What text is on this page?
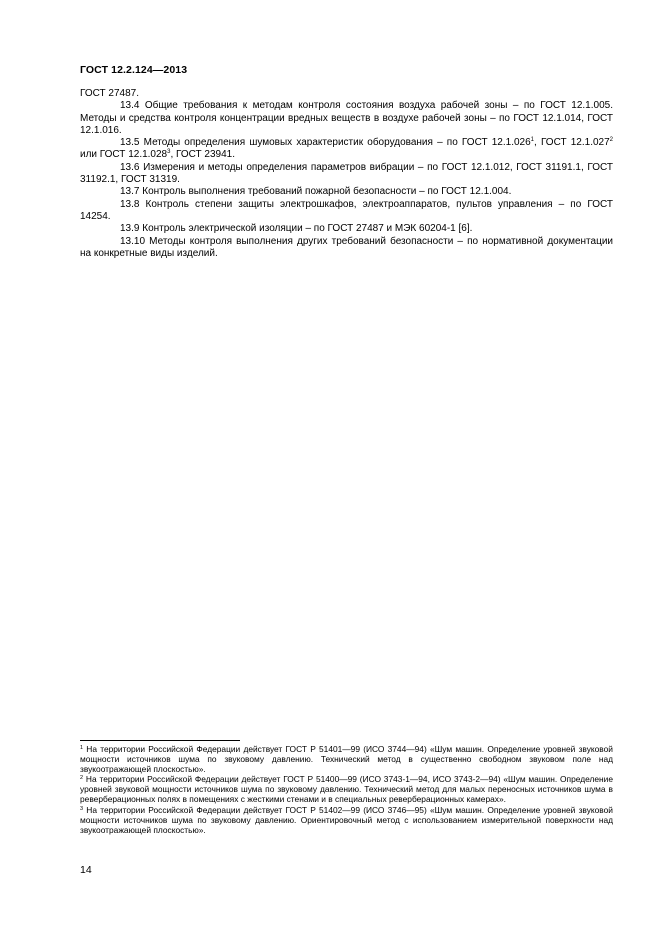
ГОСТ 12.2.124—2013

ГОСТ 27487.

13.4 Общие требования к методам контроля состояния воздуха рабочей зоны – по ГОСТ 12.1.005. Методы и средства контроля концентрации вредных веществ в воздухе рабочей зоны – по ГОСТ 12.1.014, ГОСТ 12.1.016.

13.5 Методы определения шумовых характеристик оборудования – по ГОСТ 12.1.026$^1$, ГОСТ 12.1.027$^2$ или ГОСТ 12.1.028$^3$, ГОСТ 23941.

13.6 Измерения и методы определения параметров вибрации – по ГОСТ 12.1.012, ГОСТ 31191.1, ГОСТ 31192.1, ГОСТ 31319.

13.7 Контроль выполнения требований пожарной безопасности – по ГОСТ 12.1.004.

13.8 Контроль степени защиты электрошкафов, электроаппаратов, пультов управления – по ГОСТ 14254.

13.9 Контроль электрической изоляции – по ГОСТ 27487 и МЭК 60204-1 [6].

13.10 Методы контроля выполнения других требований безопасности – по нормативной документации на конкретные виды изделий.

$^1$ На территории Российской Федерации действует ГОСТ Р 51401—99 (ИСО 3744—94) «Шум машин. Определение уровней звуковой мощности источников шума по звуковому давлению. Технический метод в существенно свободном звуковом поле над звукоотражающей плоскостью».

$^2$ На территории Российской Федерации действует ГОСТ Р 51400—99 (ИСО 3743-1—94, ИСО 3743-2—94) «Шум машин. Определение уровней звуковой мощности источников шума по звуковому давлению. Технический метод для малых переносных источников шума в реверберационных полях в помещениях с жесткими стенами и в специальных реверберационных камерах».

$^3$ На территории Российской Федерации действует ГОСТ Р 51402—99 (ИСО 3746—95) «Шум машин. Определение уровней звуковой мощности источников шума по звуковому давлению. Ориентировочный метод с использованием измерительной поверхности над звукоотражающей плоскостью».

14
